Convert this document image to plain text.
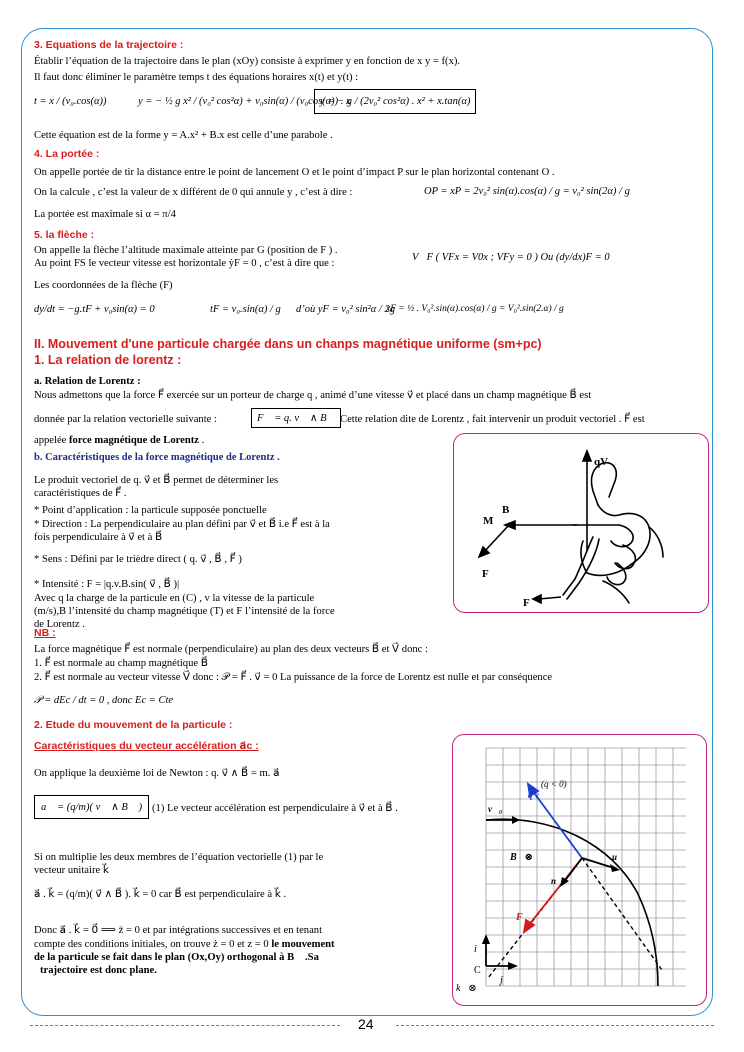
3. Equations de la trajectoire :
Établir l’équation de la trajectoire dans le plan (xOy) consiste à exprimer y en fonction de x y = f(x).
Il faut donc éliminer le paramètre temps t des équations horaires x(t) et y(t) :
t = x / (v₀.cos(α))	y = − ½ g x² / (v₀² cos²α) + v₀sin(α) / (v₀cos(α)) . x
y = − g / (2v₀² cos²α) . x² + x.tan(α)
Cette équation est de la forme y = A.x² + B.x est celle d’une parabole .
4. La portée :
On appelle portée de tir la distance entre le point de lancement O et le point d’impact P sur le plan horizontal contenant O .
On la calcule , c’est la valeur de x différent de 0 qui annule y , c’est à dire :	OP = xP = 2v₀² sin(α).cos(α) / g = v₀² sin(2α) / g
La portée est maximale si α = π/4
5. la flèche :
On appelle la flèche l’altitude maximale atteinte par G (position de F ) .
Au point FS le vecteur vitesse est horizontale ẏF = 0 , c’est à dire que :
V⃗F ( VFx = V0x ; VFy = 0 ) Ou (dy/dx)F = 0
Les coordonnées de la flèche (F)
dy/dt = −g.tF + v₀sin(α) = 0	tF = v₀.sin(α) / g d’où yF = v₀² sin²α / 2g
xF = ½ . V₀².sin(α).cos(α) / g = V₀².sin(2.α) / g
II. Mouvement d'une particule chargée dans un chanps magnétique uniforme (sm+pc)
1. La relation de lorentz :
a. Relation de Lorentz :
Nous admettons que la force F⃗ exercée sur un porteur de charge q , animé d’une vitesse v⃗ et placé dans un champ magnétique B⃗ est
donnée par la relation vectorielle suivante :	F⃗ = q. v⃗ ∧ B⃗ Cette relation dite de Lorentz , fait intervenir un produit vectoriel . F⃗ est
appelée force magnétique de Lorentz .
b. Caractéristiques de la force magnétique de Lorentz .
Le produit vectoriel de q. v⃗ et B⃗ permet de déterminer les
caractéristiques de F⃗ .
* Point d’application : la particule supposée ponctuelle
* Direction : La perpendiculaire au plan défini par v⃗ et B⃗ i.e F⃗ est à la
fois perpendiculaire à v⃗ et à B⃗
* Sens : Défini par le trièdre direct ( q. v⃗ , B⃗ , F⃗ )
* Intensité : F = |q.v.B.sin( v⃗ , B⃗ )|
Avec q la charge de la particule en (C) , v la vitesse de la particule
(m/s),B l’intensité du champ magnétique (T) et F l’intensité de la force
de Lorentz .
qV⃗
M
B⃗
F⃗
F⃗
NB :
La force magnétique F⃗ est normale (perpendiculaire) au plan des deux vecteurs B⃗ et V⃗ donc :
1. F⃗ est normale au champ magnétique B⃗
2. F⃗ est normale au vecteur vitesse V⃗ donc : 𝒫 = F⃗ . v⃗ = 0 La puissance de la force de Lorentz est nulle et par conséquence
𝒫 = dEc / dt = 0 , donc Ec = Cte
2. Etude du mouvement de la particule :
Caractéristiques du vecteur accélération a⃗c :
On applique la deuxième loi de Newton : q. v⃗ ∧ B⃗ = m. a⃗
a⃗ = (q/m)( v⃗ ∧ B⃗ ) (1) Le vecteur accélération est perpendiculaire à v⃗ et à B⃗ .
Si on multiplie les deux membres de l’équation vectorielle (1) par le
vecteur unitaire k⃗
a⃗ . k⃗ = (q/m)( v⃗ ∧ B⃗ ). k⃗ = 0 car B⃗ est perpendiculaire à k⃗ .
Donc a⃗ . k⃗ = 0⃗ ⟹ z̈ = 0 et par intégrations successives et en tenant
compte des conditions initiales, on trouve ż = 0 et z = 0 le mouvement
de la particule se fait dans le plan (Ox,Oy) orthogonal à B⃗ .Sa
trajectoire est donc plane.
q v⃗
(q < 0)
v⃗₀
B⃗⊗
n⃗
u⃗
F⃗
i⃗
j⃗
k⃗⊗
C
24
